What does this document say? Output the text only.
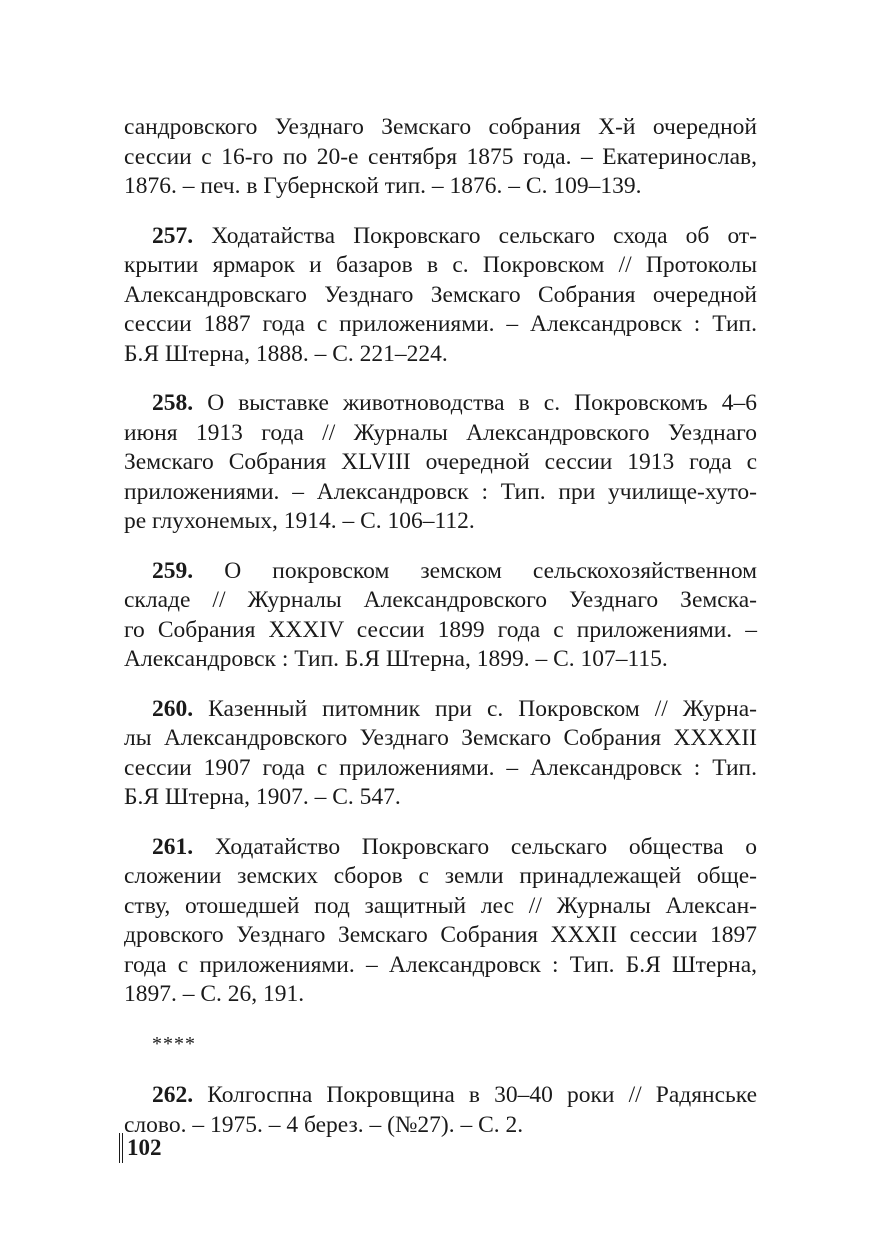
сандровского Уезднаго Земскаго собрания Х-й очередной
сессии с 16-го по 20-е сентября 1875 года. – Екатеринослав,
1876. – печ. в Губернской тип. – 1876. – С. 109–139.

257. Ходатайства Покровскаго сельскаго схода об от-
крытии ярмарок и базаров в с. Покровском // Протоколы
Александровскаго Уезднаго Земскаго Собрания очередной
сессии 1887 года с приложениями. – Александровск : Тип.
Б.Я Штерна, 1888. – С. 221–224.

258. О выставке животноводства в с. Покровскомъ 4–6
июня 1913 года // Журналы Александровского Уезднаго
Земскаго Собрания XLVIII очередной сессии 1913 года с
приложениями. – Александровск : Тип. при училище-хуто-
ре глухонемых, 1914. – С. 106–112.

259. О покровском земском сельскохозяйственном
складе // Журналы Александровского Уезднаго Земска-
го Собрания XXXIV сессии 1899 года с приложениями. –
Александровск : Тип. Б.Я Штерна, 1899. – С. 107–115.

260. Казенный питомник при с. Покровском // Журна-
лы Александровского Уезднаго Земскаго Собрания XXXXII
сессии 1907 года с приложениями. – Александровск : Тип.
Б.Я Штерна, 1907. – С. 547.

261. Ходатайство Покровскаго сельскаго общества о
сложении земских сборов с земли принадлежащей обще-
ству, отошедшей под защитный лес // Журналы Алексан-
дровского Уезднаго Земскаго Собрания XXXII сессии 1897
года с приложениями. – Александровск : Тип. Б.Я Штерна,
1897. – С. 26, 191.

****

262. Колгоспна Покровщина в 30–40 роки // Радянське
слово. – 1975. – 4 берез. – (№27). – С. 2.

102
